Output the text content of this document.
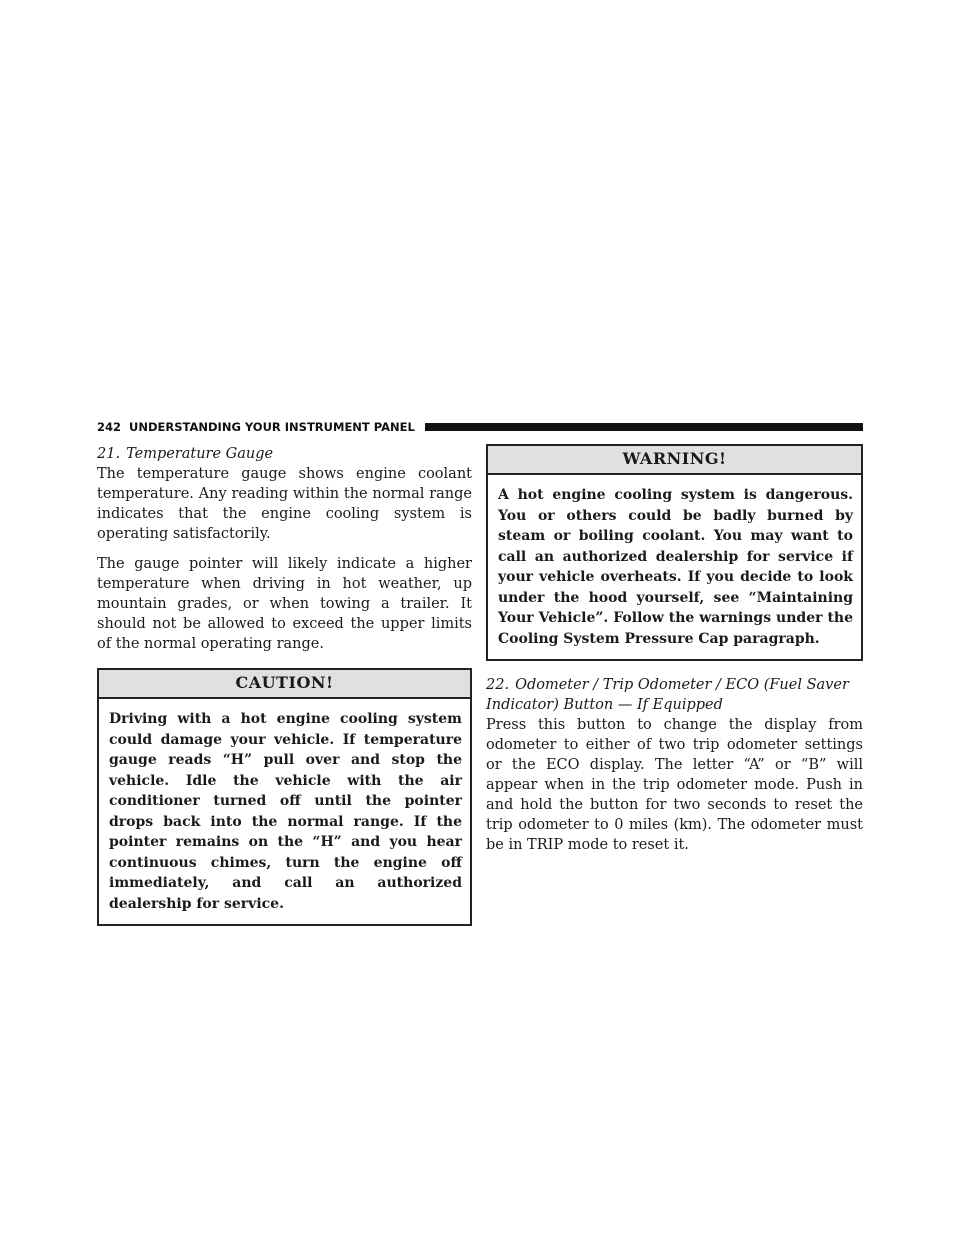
242 UNDERSTANDING YOUR INSTRUMENT PANEL

21. Temperature Gauge

The temperature gauge shows engine coolant temperature. Any reading within the normal range indicates that the engine cooling system is operating satisfactorily.

The gauge pointer will likely indicate a higher temperature when driving in hot weather, up mountain grades, or when towing a trailer. It should not be allowed to exceed the upper limits of the normal operating range.

CAUTION!

Driving with a hot engine cooling system could damage your vehicle. If temperature gauge reads “H” pull over and stop the vehicle. Idle the vehicle with the air conditioner turned off until the pointer drops back into the normal range. If the pointer remains on the “H” and you hear continuous chimes, turn the engine off immediately, and call an authorized dealership for service.

WARNING!

A hot engine cooling system is dangerous. You or others could be badly burned by steam or boiling coolant. You may want to call an authorized dealership for service if your vehicle overheats. If you decide to look under the hood yourself, see “Maintaining Your Vehicle”. Follow the warnings under the Cooling System Pressure Cap paragraph.

22. Odometer / Trip Odometer / ECO (Fuel Saver Indicator) Button — If Equipped

Press this button to change the display from odometer to either of two trip odometer settings or the ECO display. The letter “A” or “B” will appear when in the trip odometer mode. Push in and hold the button for two seconds to reset the trip odometer to 0 miles (km). The odometer must be in TRIP mode to reset it.
